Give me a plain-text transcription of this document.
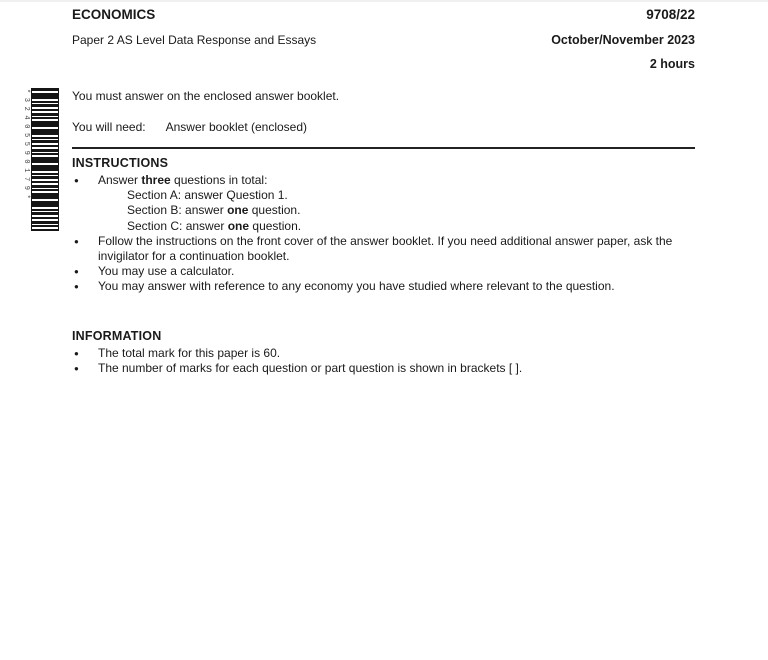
*32405590179*
ECONOMICS	9708/22
Paper 2 AS Level Data Response and Essays	October/November 2023
2 hours

You must answer on the enclosed answer booklet.

You will need: Answer booklet (enclosed)

INSTRUCTIONS
● Answer three questions in total:
Section A: answer Question 1.
Section B: answer one question.
Section C: answer one question.
● Follow the instructions on the front cover of the answer booklet. If you need additional answer paper, ask the invigilator for a continuation booklet.
● You may use a calculator.
● You may answer with reference to any economy you have studied where relevant to the question.
INFORMATION
● The total mark for this paper is 60.
● The number of marks for each question or part question is shown in brackets [ ].
